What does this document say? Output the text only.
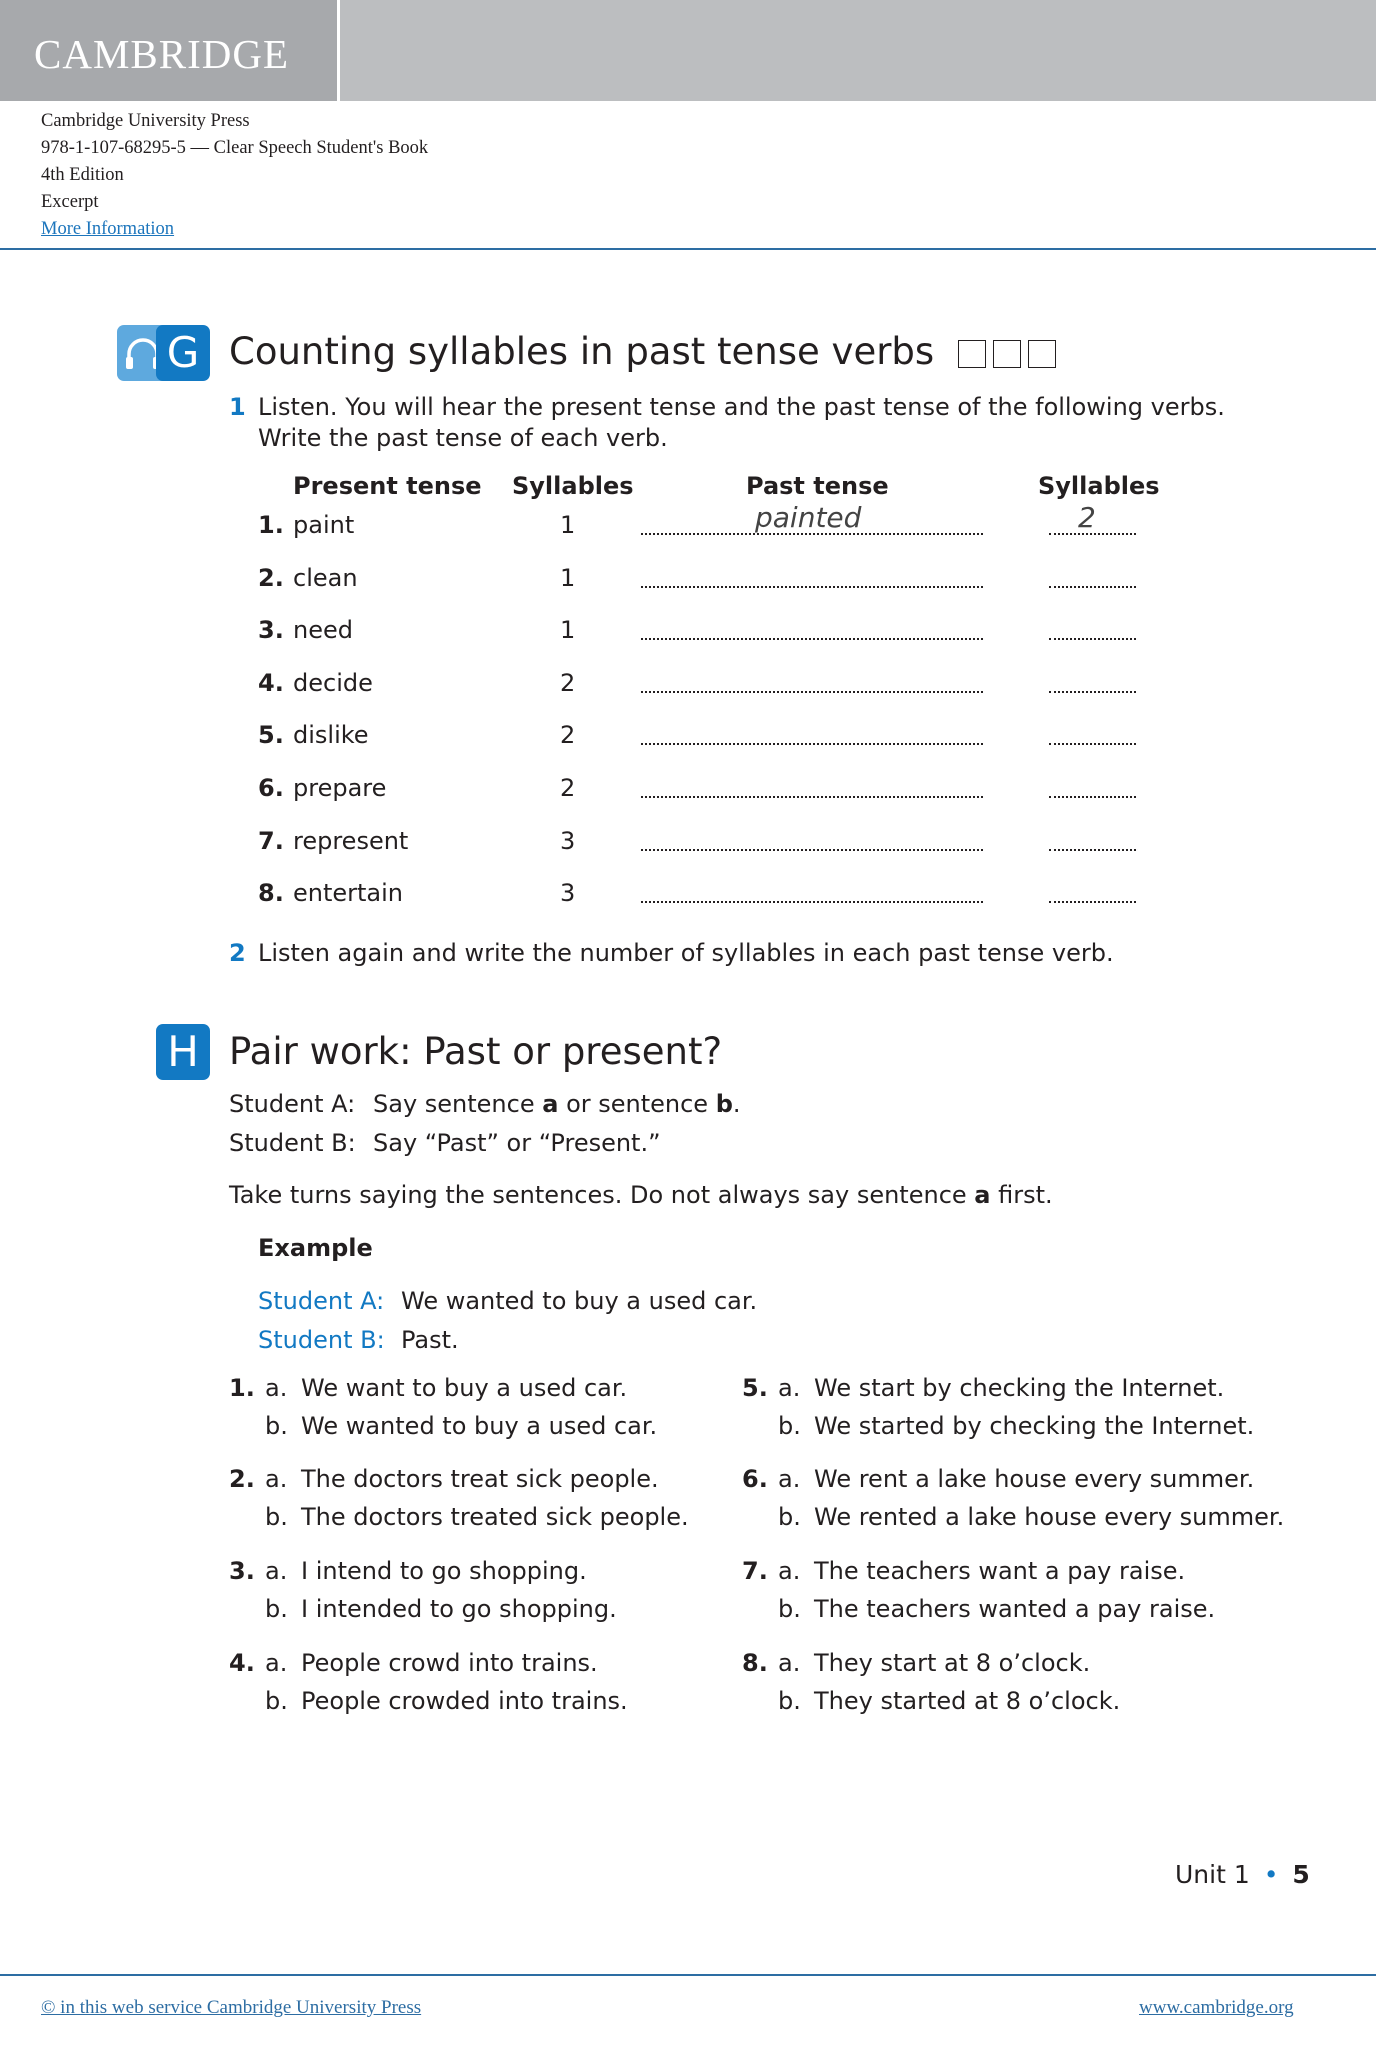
CAMBRIDGE
Cambridge University Press
978-1-107-68295-5 — Clear Speech Student's Book
4th Edition
Excerpt
More Information
G Counting syllables in past tense verbs
1 Listen. You will hear the present tense and the past tense of the following verbs.
Write the past tense of each verb.
Present tense Syllables	Past tense	Syllables
1. paint	1	painted	2
2. clean	1
3. need	1
4. decide	2
5. dislike	2
6. prepare	2
7. represent	3
8. entertain	3
2 Listen again and write the number of syllables in each past tense verb.
H Pair work: Past or present?
Student A: Say sentence a or sentence b.
Student B: Say “Past” or “Present.”
Take turns saying the sentences. Do not always say sentence a first.
Example
Student A: We wanted to buy a used car.
Student B: Past.
1. a. We want to buy a used car.
b. We wanted to buy a used car.
2. a. The doctors treat sick people.
b. The doctors treated sick people.
3. a. I intend to go shopping.
b. I intended to go shopping.
4. a. People crowd into trains.
b. People crowded into trains.
5. a. We start by checking the Internet.
b. We started by checking the Internet.
6. a. We rent a lake house every summer.
b. We rented a lake house every summer.
7. a. The teachers want a pay raise.
b. The teachers wanted a pay raise.
8. a. They start at 8 o’clock.
b. They started at 8 o’clock.
Unit 1 • 5
© in this web service Cambridge University Press	www.cambridge.org
